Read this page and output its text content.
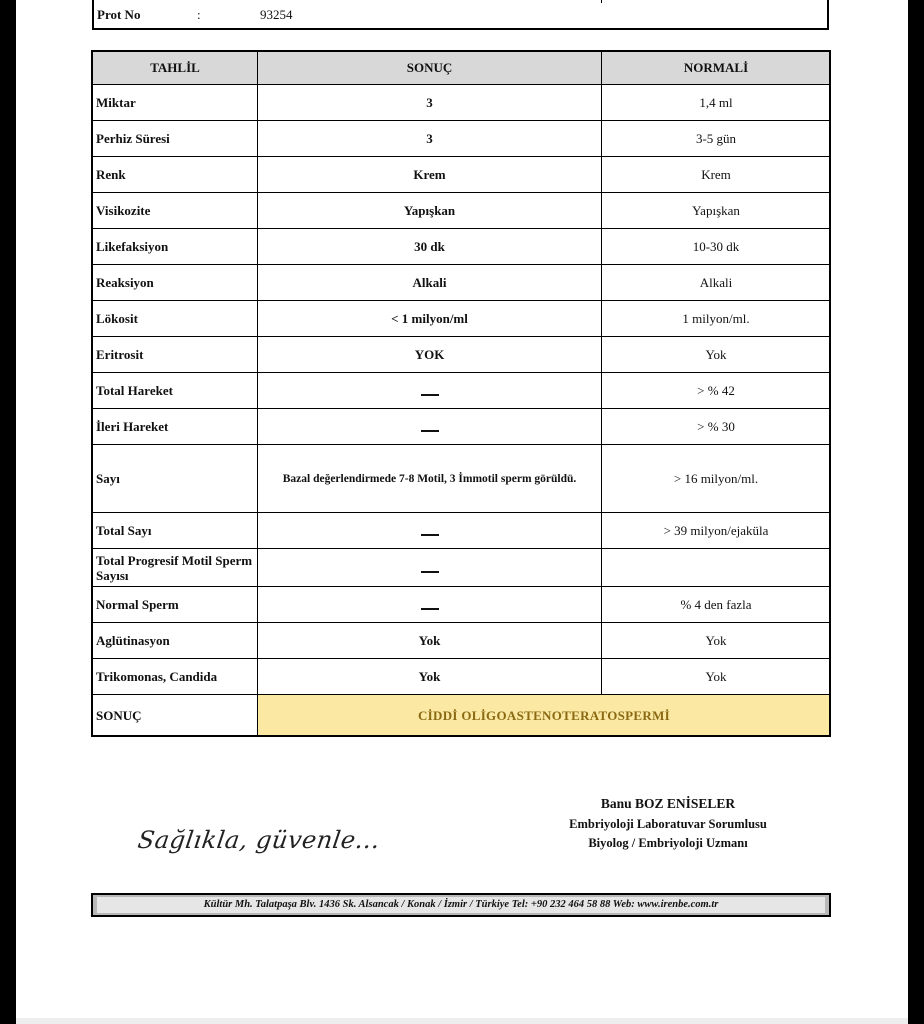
Prot No	:	93254
TAHLİL	SONUÇ	NORMALİ
Miktar	3	1,4 ml
Perhiz Süresi	3	3-5 gün
Renk	Krem	Krem
Visikozite	Yapışkan	Yapışkan
Likefaksiyon	30 dk	10-30 dk
Reaksiyon	Alkali	Alkali
Lökosit	< 1 milyon/ml	1 milyon/ml.
Eritrosit	YOK	Yok
Total Hareket		> % 42
İleri Hareket		> % 30
Sayı	Bazal değerlendirmede 7-8 Motil, 3 İmmotil sperm görüldü.	> 16 milyon/ml.
Total Sayı		> 39 milyon/ejaküla
Total Progresif Motil Sperm Sayısı		
Normal Sperm		% 4 den fazla
Aglütinasyon	Yok	Yok
Trikomonas, Candida	Yok	Yok
SONUÇ	CİDDİ OLİGOASTENOTERATOSPERMİ	
Sağlıkla, güvenle...
Banu BOZ ENİSELER
Embriyoloji Laboratuvar Sorumlusu
Biyolog / Embriyoloji Uzmanı
Kültür Mh. Talatpaşa Blv. 1436 Sk. Alsancak / Konak / İzmir / Türkiye Tel: +90 232 464 58 88 Web: www.irenbe.com.tr
